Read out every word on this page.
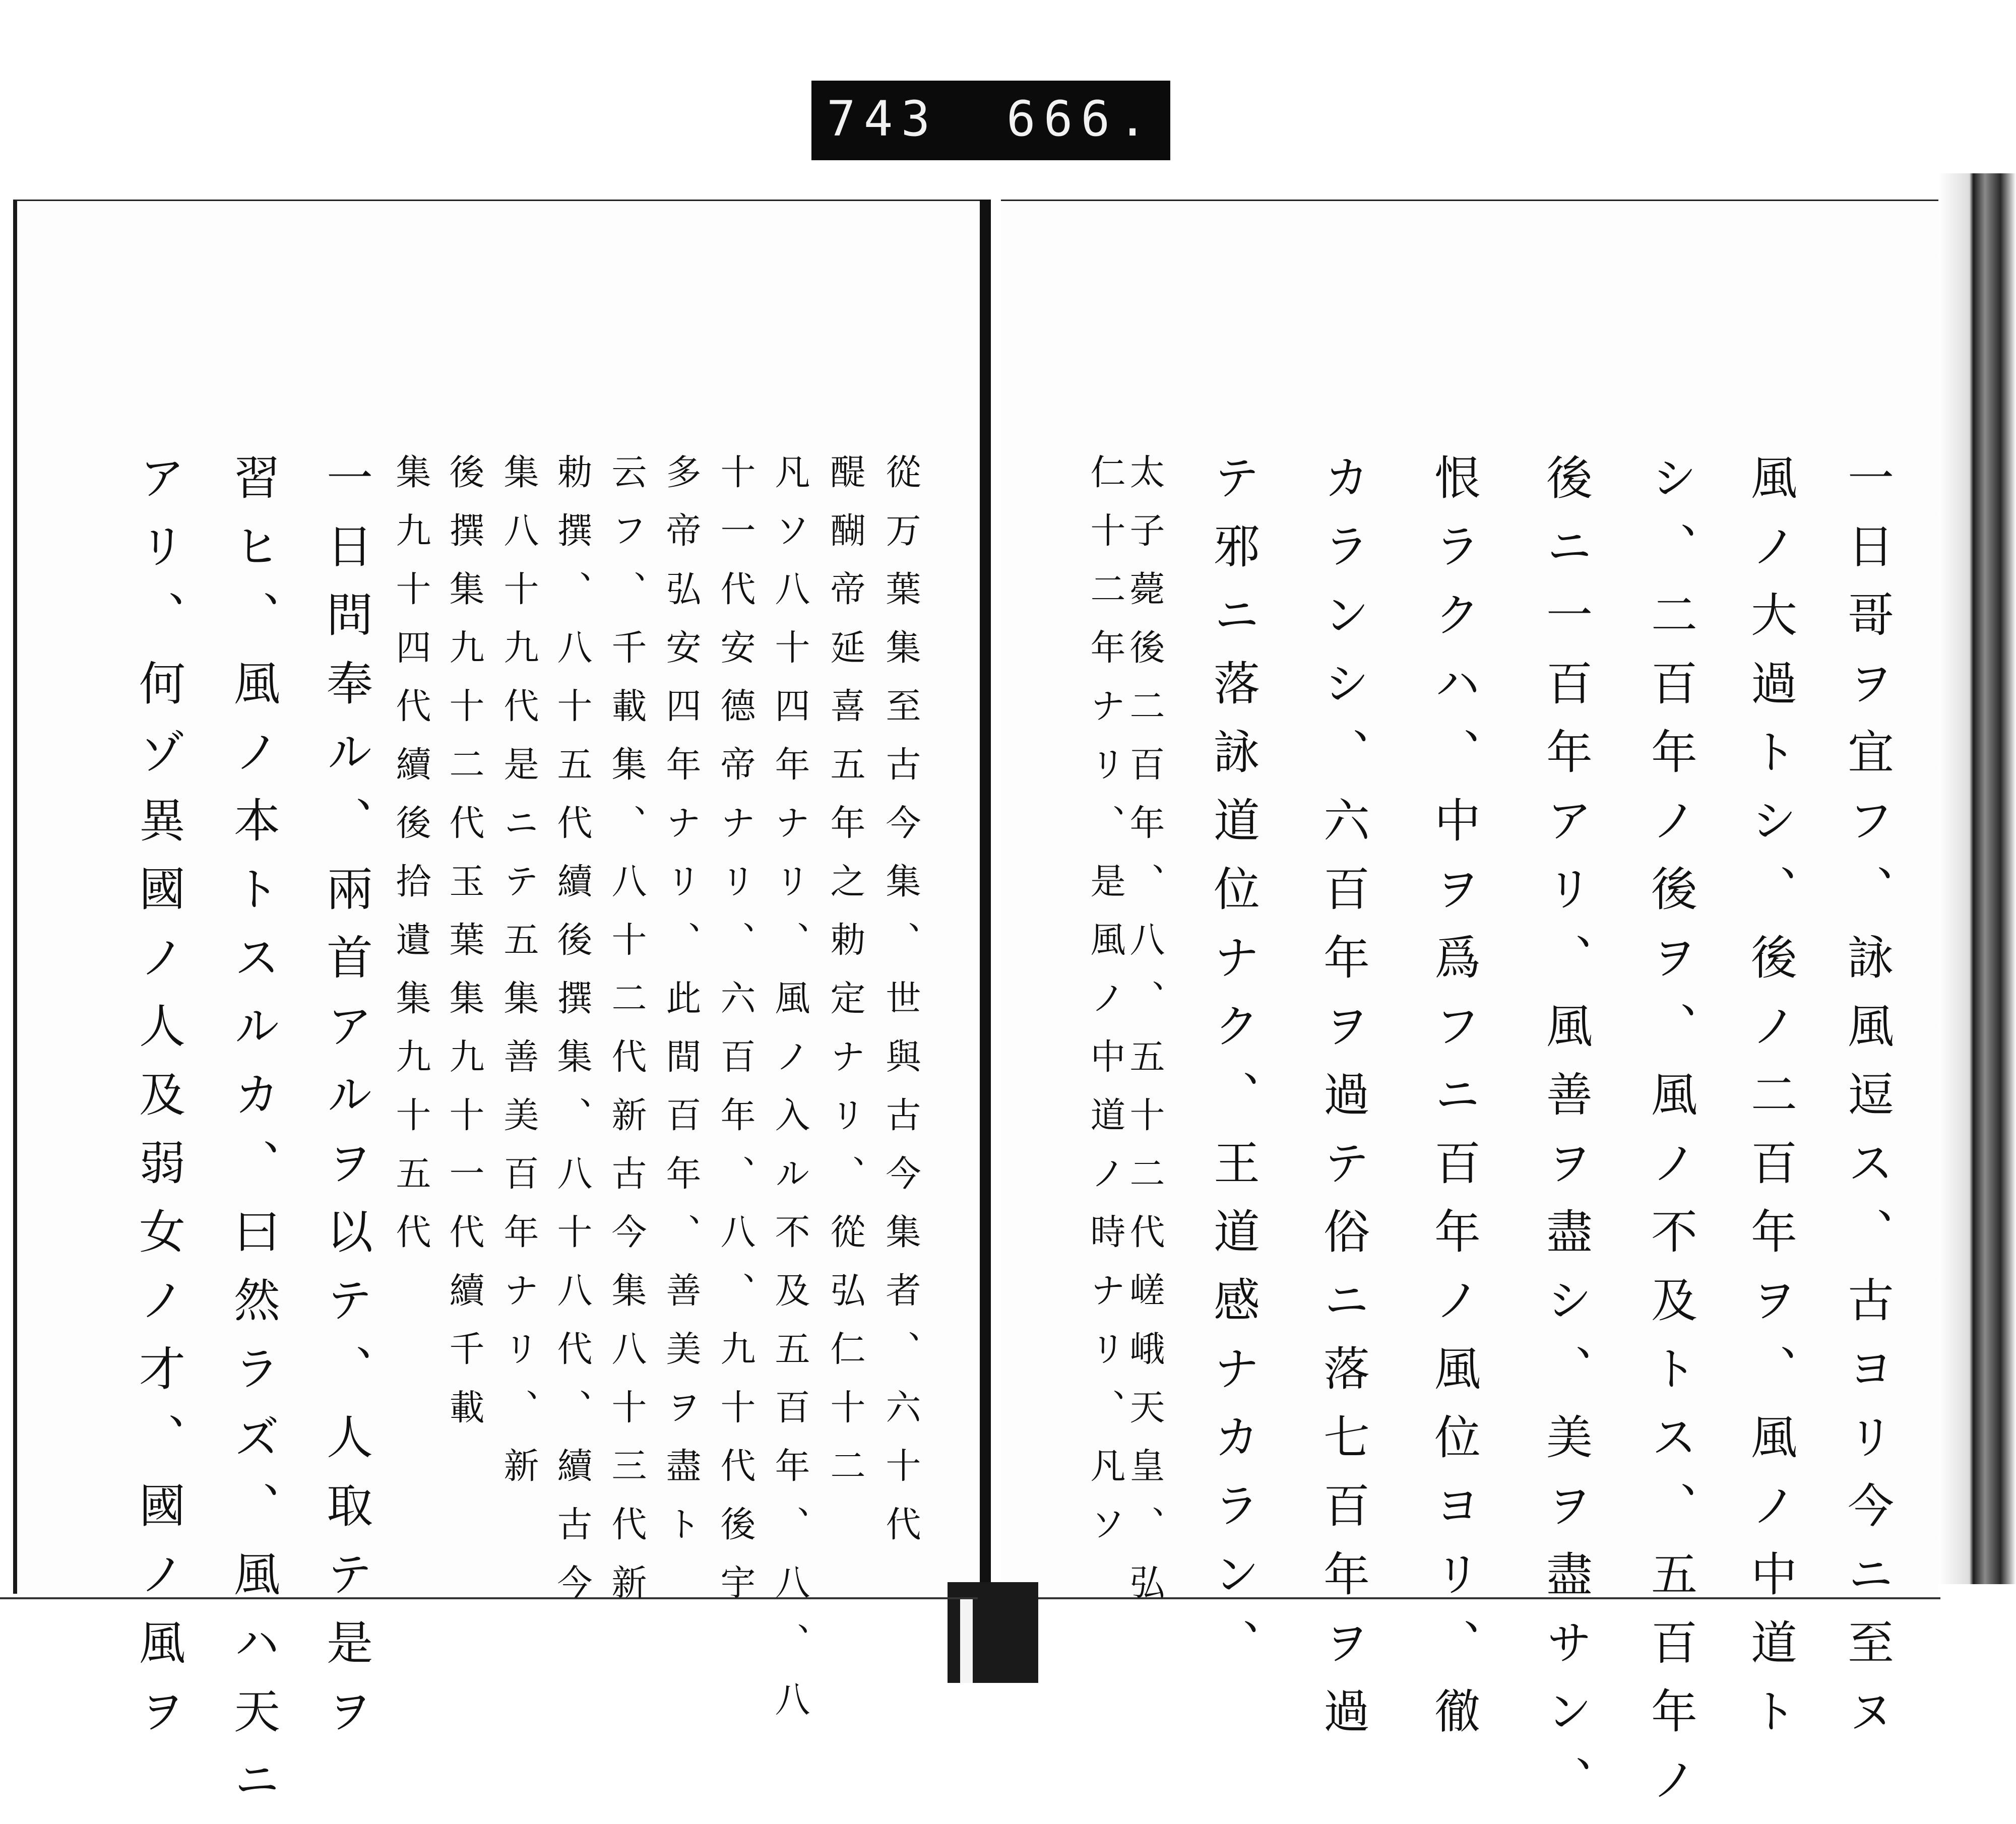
743 666.
一日哥ヲ宜フ、詠風逗ス、古ヨリ今ニ至ヌ
風ノ大過トシ、後ノ二百年ヲ、風ノ中道ト
シ、二百年ノ後ヲ、風ノ不及トス、五百年ノ
後ニ一百年アリ、風善ヲ盡シ、美ヲ盡サン、
恨ラクハ、中ヲ爲フニ百年ノ風位ヨリ、徹
カランシ、六百年ヲ過テ俗ニ落七百年ヲ過
テ邪ニ落詠道位ナク、王道感ナカラン、
太子薨後二百年、八、五十二代嵯峨天皇、弘
仁十二年ナリ、是風ノ中道ノ時ナリ、凡ソ
從万葉集至古今集、世與古今集者、六十代
醍醐帝延喜五年之勅定ナリ、從弘仁十二
凡ソ八十四年ナリ、風ノ入ル不及五百年、八、八
十一代安德帝ナリ、六百年、八、九十代後宇
多帝弘安四年ナリ、此間百年、善美ヲ盡ト
云フ、千載集、八十二代新古今集八十三代新
勅撰、八十五代續後撰集、八十八代、續古今
集八十九代是ニテ五集善美百年ナリ、新
後撰集九十二代玉葉集九十一代續千載
集九十四代續後拾遺集九十五代
一日問奉ル、兩首アルヲ以テ、人取テ是ヲ
習ヒ、風ノ本トスルカ、曰然ラズ、風ハ天ニ
アリ、何ゾ異國ノ人及弱女ノ才、國ノ風ヲ
